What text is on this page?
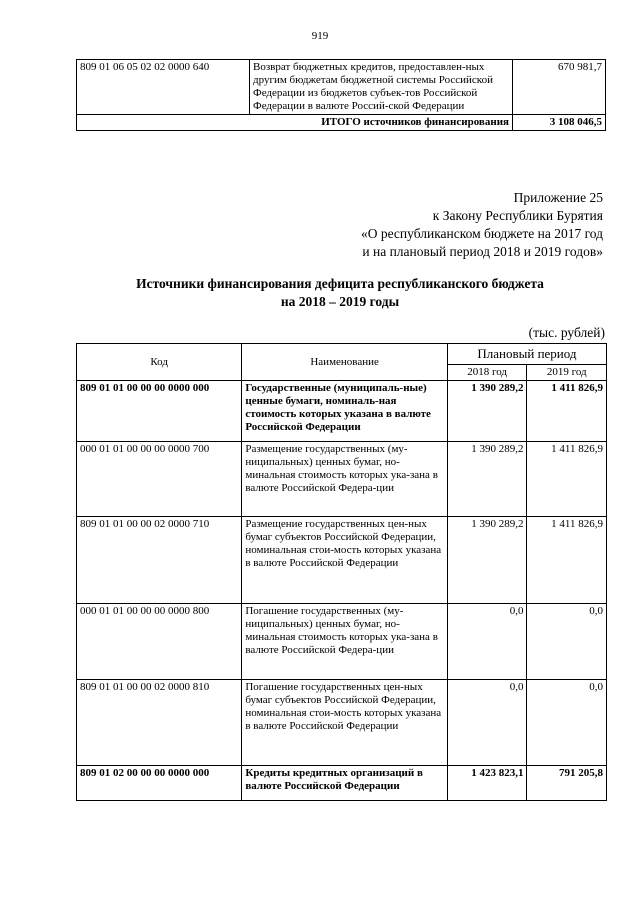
919
809 01 06 05 02 02 0000 640	Возврат бюджетных кредитов, предоставлен-ных другим бюджетам бюджетной системы Российской Федерации из бюджетов субъек-тов Российской Федерации в валюте Россий-ской Федерации	670 981,7
ИТОГО источников финансирования		3 108 046,5
Приложение 25
к Закону Республики Бурятия
«О республиканском бюджете на 2017 год
и на плановый период 2018 и 2019 годов»
Источники финансирования дефицита республиканского бюджета
на 2018 – 2019 годы
(тыс. рублей)
Код	Наименование	Плановый период	
		2018 год	2019 год
809 01 01 00 00 00 0000 000	Государственные (муниципаль-ные) ценные бумаги, номиналь-ная стоимость которых указана в валюте Российской Федерации	1 390 289,2	1 411 826,9
000 01 01 00 00 00 0000 700	Размещение государственных (му-ниципальных) ценных бумаг, но-минальная стоимость которых ука-зана в валюте Российской Федера-ции	1 390 289,2	1 411 826,9
809 01 01 00 00 02 0000 710	Размещение государственных цен-ных бумаг субъектов Российской Федерации, номинальная стои-мость которых указана в валюте Российской Федерации	1 390 289,2	1 411 826,9
000 01 01 00 00 00 0000 800	Погашение государственных (му-ниципальных) ценных бумаг, но-минальная стоимость которых ука-зана в валюте Российской Федера-ции	0,0	0,0
809 01 01 00 00 02 0000 810	Погашение государственных цен-ных бумаг субъектов Российской Федерации, номинальная стои-мость которых указана в валюте Российской Федерации	0,0	0,0
809 01 02 00 00 00 0000 000	Кредиты кредитных организаций в валюте Российской Федерации	1 423 823,1	791 205,8
